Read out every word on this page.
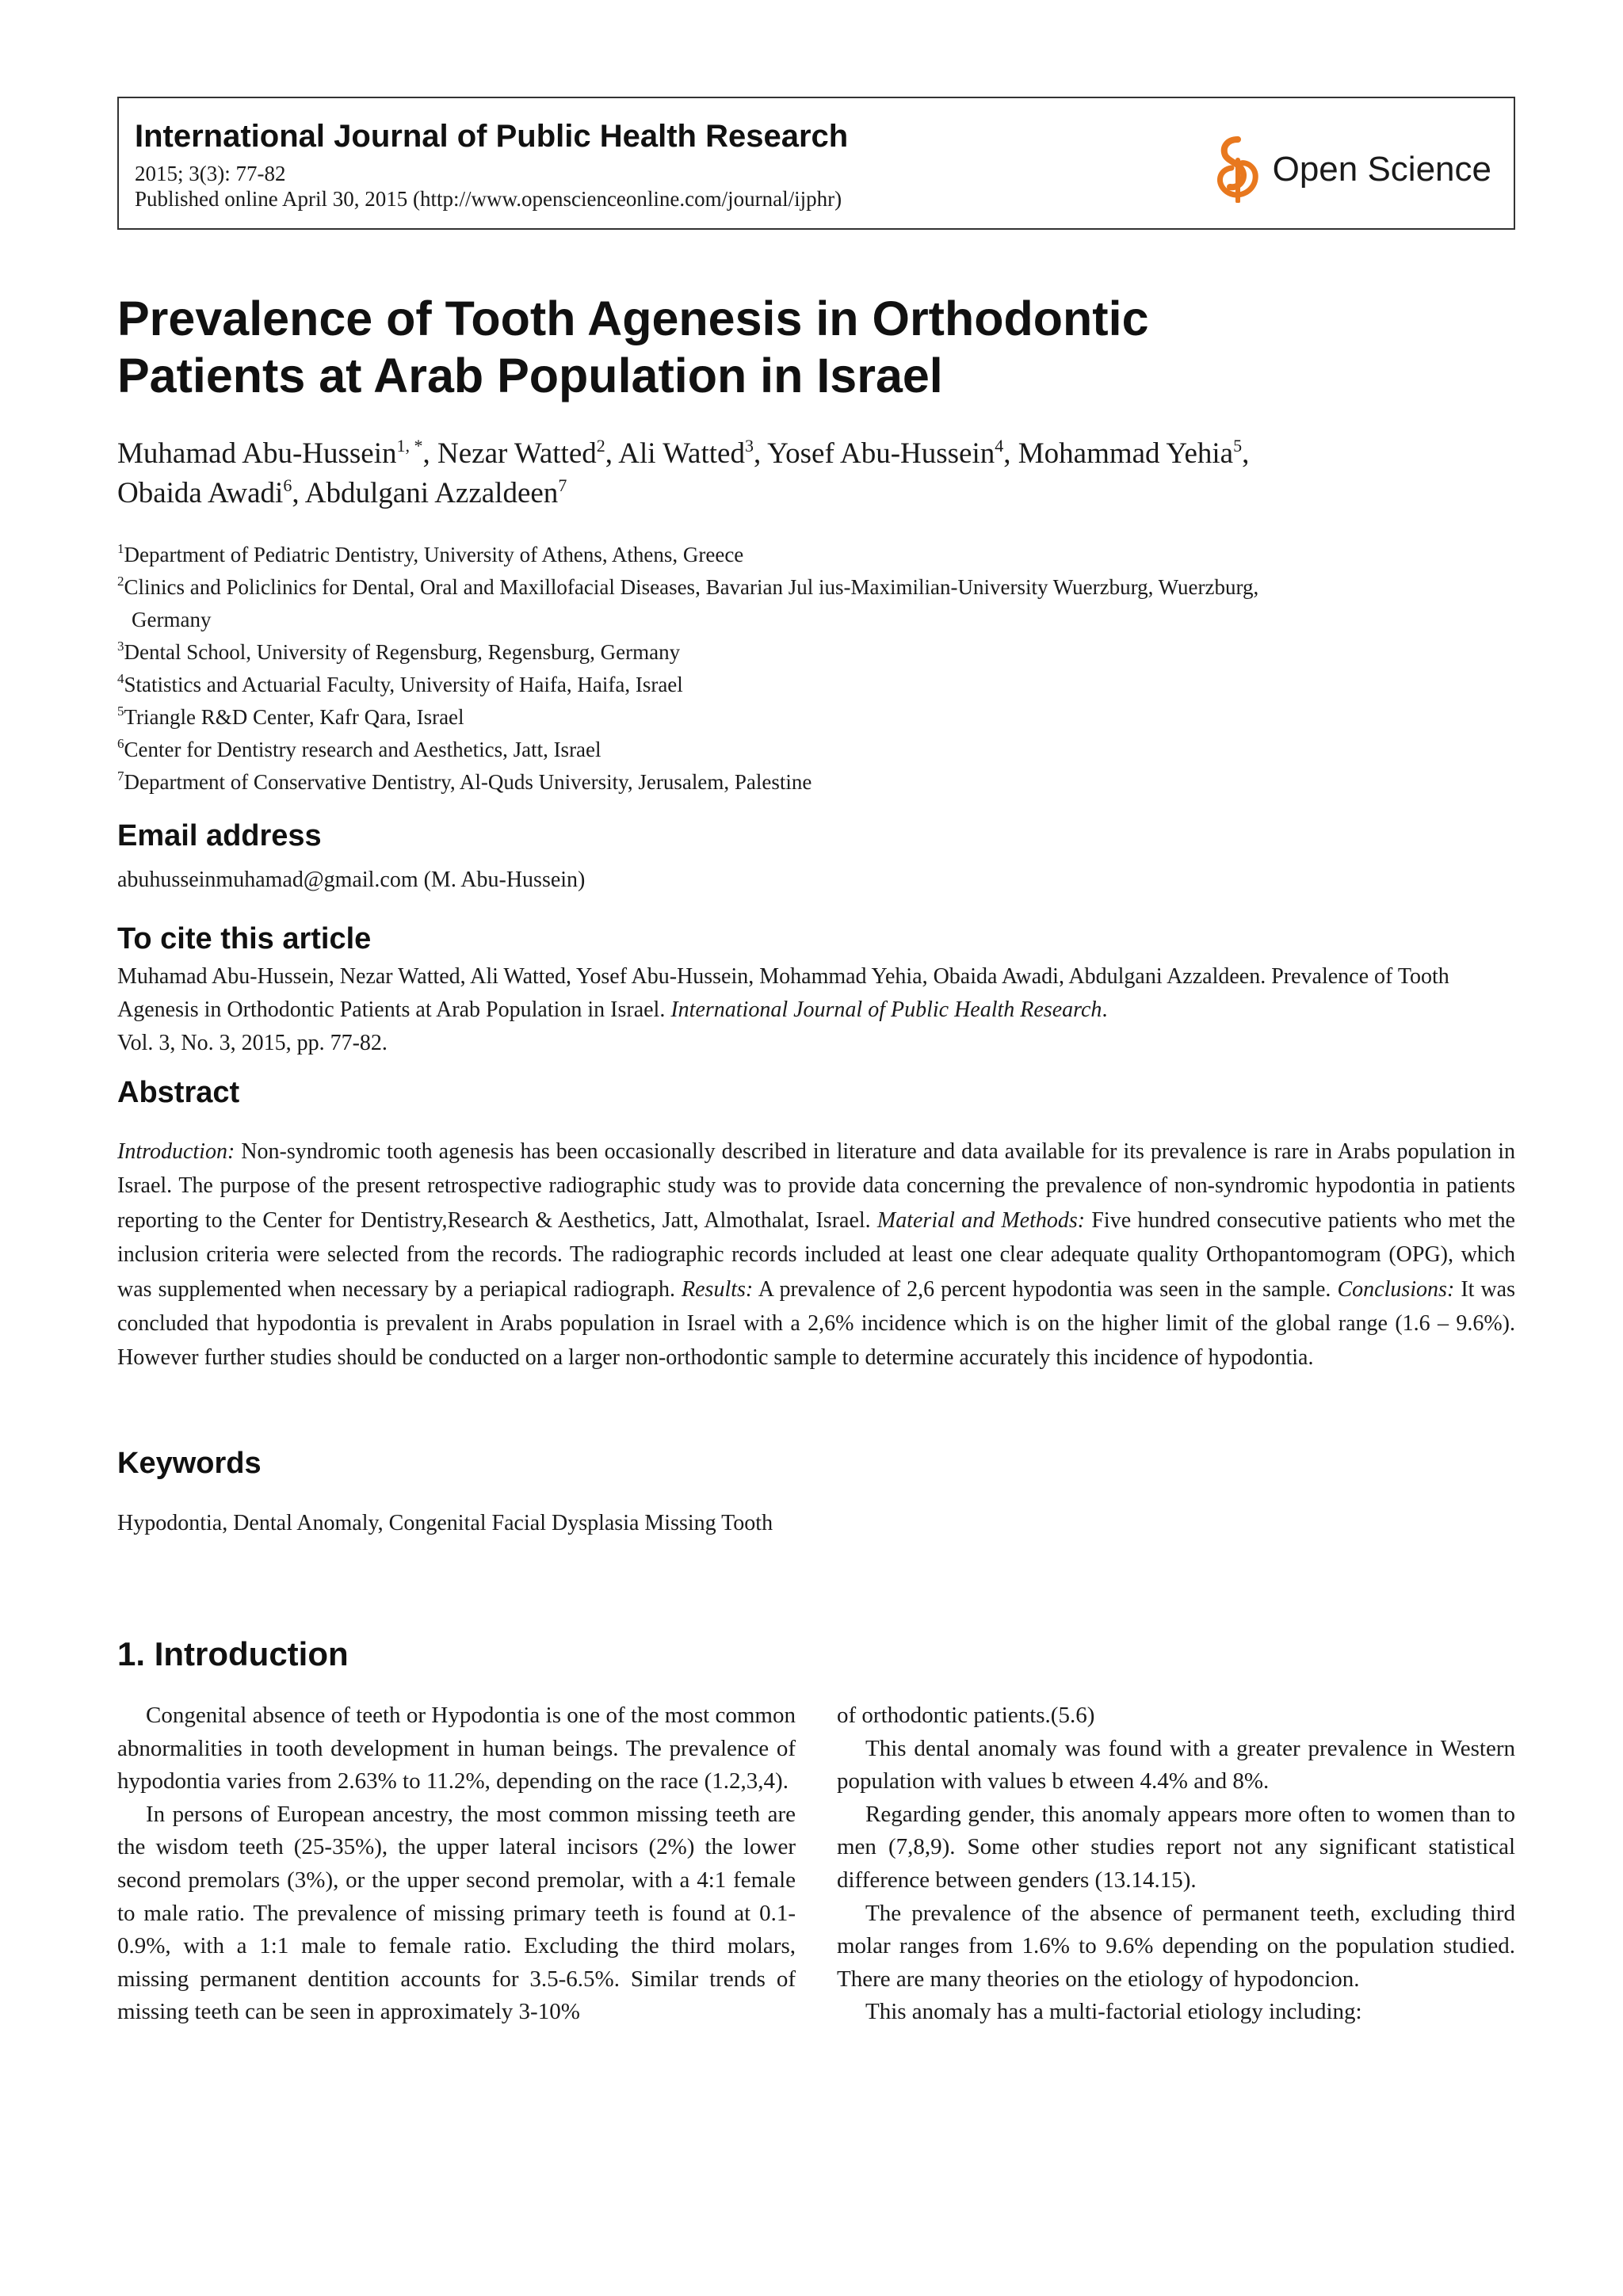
International Journal of Public Health Research
2015; 3(3): 77-82
Published online April 30, 2015 (http://www.openscienceonline.com/journal/ijphr)
Open Science
Prevalence of Tooth Agenesis in Orthodontic
Patients at Arab Population in Israel
Muhamad Abu-Hussein$^{1, *}$, Nezar Watted$^2$, Ali Watted$^3$, Yosef Abu-Hussein$^4$, Mohammad Yehia$^5$,
Obaida Awadi$^6$, Abdulgani Azzaldeen$^7$
$^1$Department of Pediatric Dentistry, University of Athens, Athens, Greece
$^2$Clinics and Policlinics for Dental, Oral and Maxillofacial Diseases, Bavarian Jul ius-Maximilian-University Wuerzburg, Wuerzburg,
Germany
$^3$Dental School, University of Regensburg, Regensburg, Germany
$^4$Statistics and Actuarial Faculty, University of Haifa, Haifa, Israel
$^5$Triangle R&D Center, Kafr Qara, Israel
$^6$Center for Dentistry research and Aesthetics, Jatt, Israel
$^7$Department of Conservative Dentistry, Al-Quds University, Jerusalem, Palestine
Email address
abuhusseinmuhamad@gmail.com (M. Abu-Hussein)
To cite this article
Muhamad Abu-Hussein, Nezar Watted, Ali Watted, Yosef Abu-Hussein, Mohammad Yehia, Obaida Awadi, Abdulgani Azzaldeen. Prevalence of Tooth Agenesis in Orthodontic Patients at Arab Population in Israel. International Journal of Public Health Research.
Vol. 3, No. 3, 2015, pp. 77-82.
Abstract
Introduction: Non-syndromic tooth agenesis has been occasionally described in literature and data available for its prevalence is rare in Arabs population in Israel. The purpose of the present retrospective radiographic study was to provide data concerning the prevalence of non-syndromic hypodontia in patients reporting to the Center for Dentistry,Research & Aesthetics, Jatt, Almothalat, Israel. Material and Methods: Five hundred consecutive patients who met the inclusion criteria were selected from the records. The radiographic records included at least one clear adequate quality Orthopantomogram (OPG), which was supplemented when necessary by a periapical radiograph. Results: A prevalence of 2,6 percent hypodontia was seen in the sample. Conclusions: It was concluded that hypodontia is prevalent in Arabs population in Israel with a 2,6% incidence which is on the higher limit of the global range (1.6 – 9.6%). However further studies should be conducted on a larger non-orthodontic sample to determine accurately this incidence of hypodontia.
Keywords
Hypodontia, Dental Anomaly, Congenital Facial Dysplasia Missing Tooth
1. Introduction

Congenital absence of teeth or Hypodontia is one of the most common abnormalities in tooth development in human beings. The prevalence of hypodontia varies from 2.63% to 11.2%, depending on the race (1.2,3,4).

In persons of European ancestry, the most common missing teeth are the wisdom teeth (25-35%), the upper lateral incisors (2%) the lower second premolars (3%), or the upper second premolar, with a 4:1 female to male ratio. The prevalence of missing primary teeth is found at 0.1-0.9%, with a 1:1 male to female ratio. Excluding the third molars, missing permanent dentition accounts for 3.5-6.5%. Similar trends of missing teeth can be seen in approximately 3-10%

of orthodontic patients.(5.6)

This dental anomaly was found with a greater prevalence in Western population with values b etween 4.4% and 8%.

Regarding gender, this anomaly appears more often to women than to men (7,8,9). Some other studies report not any significant statistical difference between genders (13.14.15).

The prevalence of the absence of permanent teeth, excluding third molar ranges from 1.6% to 9.6% depending on the population studied. There are many theories on the etiology of hypodoncion.

This anomaly has a multi-factorial etiology including:
